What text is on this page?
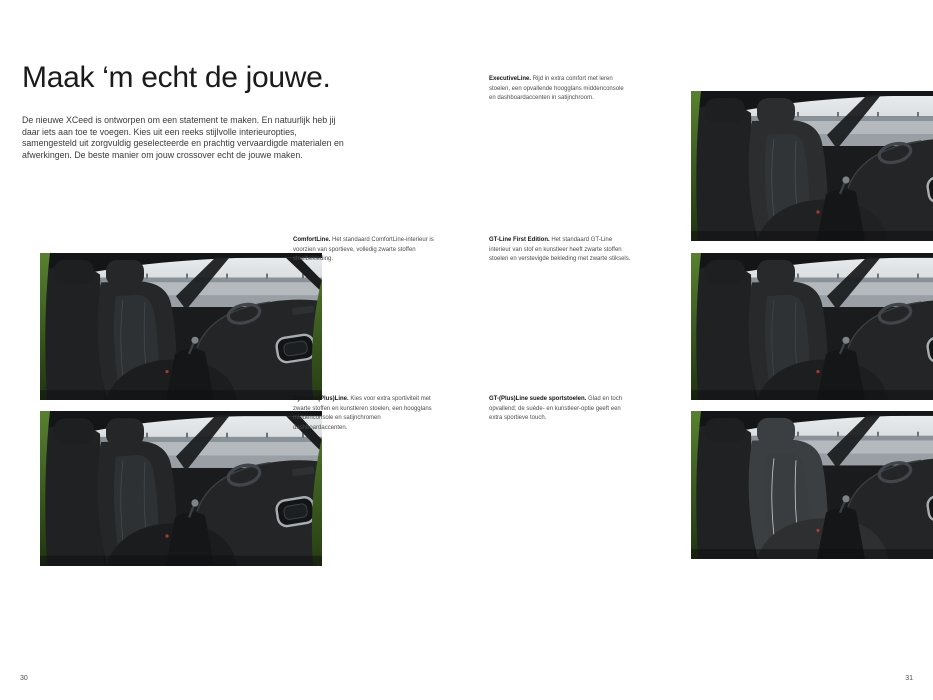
Maak ‘m echt de jouwe.

De nieuwe XCeed is ontworpen om een statement te maken. En natuurlijk heb jij daar iets aan toe te voegen. Kies uit een reeks stijlvolle interieuropties, samengesteld uit zorgvuldig geselecteerde en prachtig vervaardigde materialen en afwerkingen. De beste manier om jouw crossover echt de jouwe maken.

ExecutiveLine. Rijd in extra comfort met leren stoelen, een opvallende hoogglans middenconsole en dashboardaccenten in satijnchroom.
ComfortLine. Het standaard ComfortLine-interieur is voorzien van sportieve, volledig zwarte stoffen stoelbekleding.
GT-Line First Edition. Het standaard GT-Line interieur van stof en kunstleer heeft zwarte stoffen stoelen en verstevigde bekleding met zwarte stiksels.
Dynamic(Plus)Line. Kies voor extra sportiviteit met zwarte stoffen en kunstleren stoelen, een hoogglans middenconsole en satijnchromen dashboardaccenten.
GT-(Plus)Line suede sportstoelen. Glad en toch opvallend; de suède- en kunstleer-optie geeft een extra sportieve touch.
30	31
